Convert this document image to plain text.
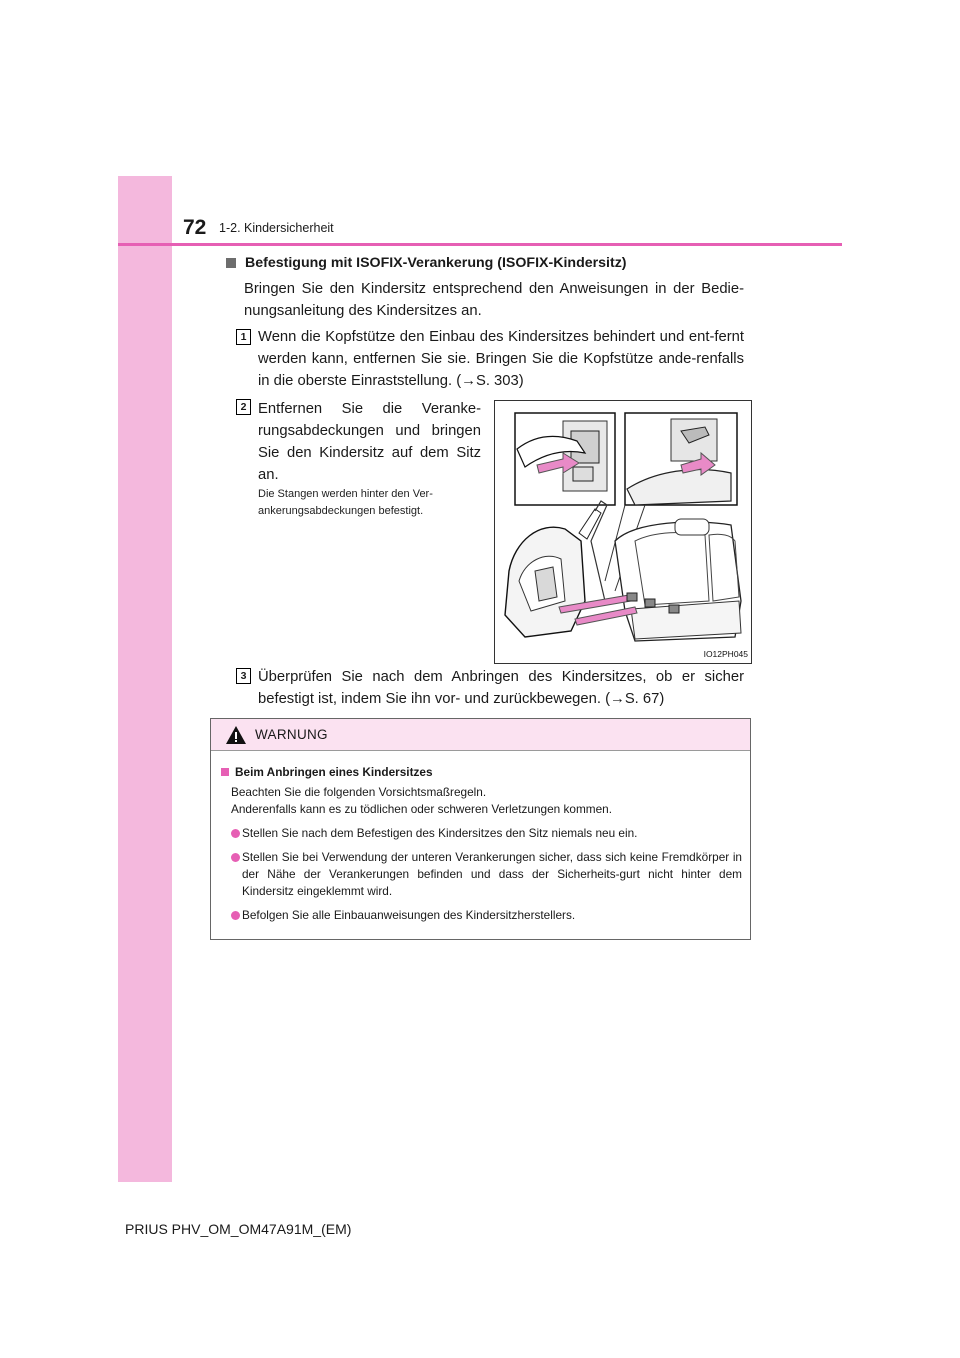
72 1-2. Kindersicherheit
Befestigung mit ISOFIX-Verankerung (ISOFIX-Kindersitz)
Bringen Sie den Kindersitz entsprechend den Anweisungen in der Bedie-nungsanleitung des Kindersitzes an.
1 Wenn die Kopfstütze den Einbau des Kindersitzes behindert und ent-fernt werden kann, entfernen Sie sie. Bringen Sie die Kopfstütze ande-renfalls in die oberste Einraststellung. (→S. 303)
2 Entfernen Sie die Veranke-rungsabdeckungen und bringen Sie den Kindersitz auf dem Sitz an.
Die Stangen werden hinter den Ver-ankerungsabdeckungen befestigt.
IO12PH045
3 Überprüfen Sie nach dem Anbringen des Kindersitzes, ob er sicher befestigt ist, indem Sie ihn vor- und zurückbewegen. (→S. 67)
WARNUNG
Beim Anbringen eines Kindersitzes
Beachten Sie die folgenden Vorsichtsmaßregeln.
Anderenfalls kann es zu tödlichen oder schweren Verletzungen kommen.
Stellen Sie nach dem Befestigen des Kindersitzes den Sitz niemals neu ein.
Stellen Sie bei Verwendung der unteren Verankerungen sicher, dass sich keine Fremdkörper in der Nähe der Verankerungen befinden und dass der Sicherheits-gurt nicht hinter dem Kindersitz eingeklemmt wird.
Befolgen Sie alle Einbauanweisungen des Kindersitzherstellers.
PRIUS PHV_OM_OM47A91M_(EM)
